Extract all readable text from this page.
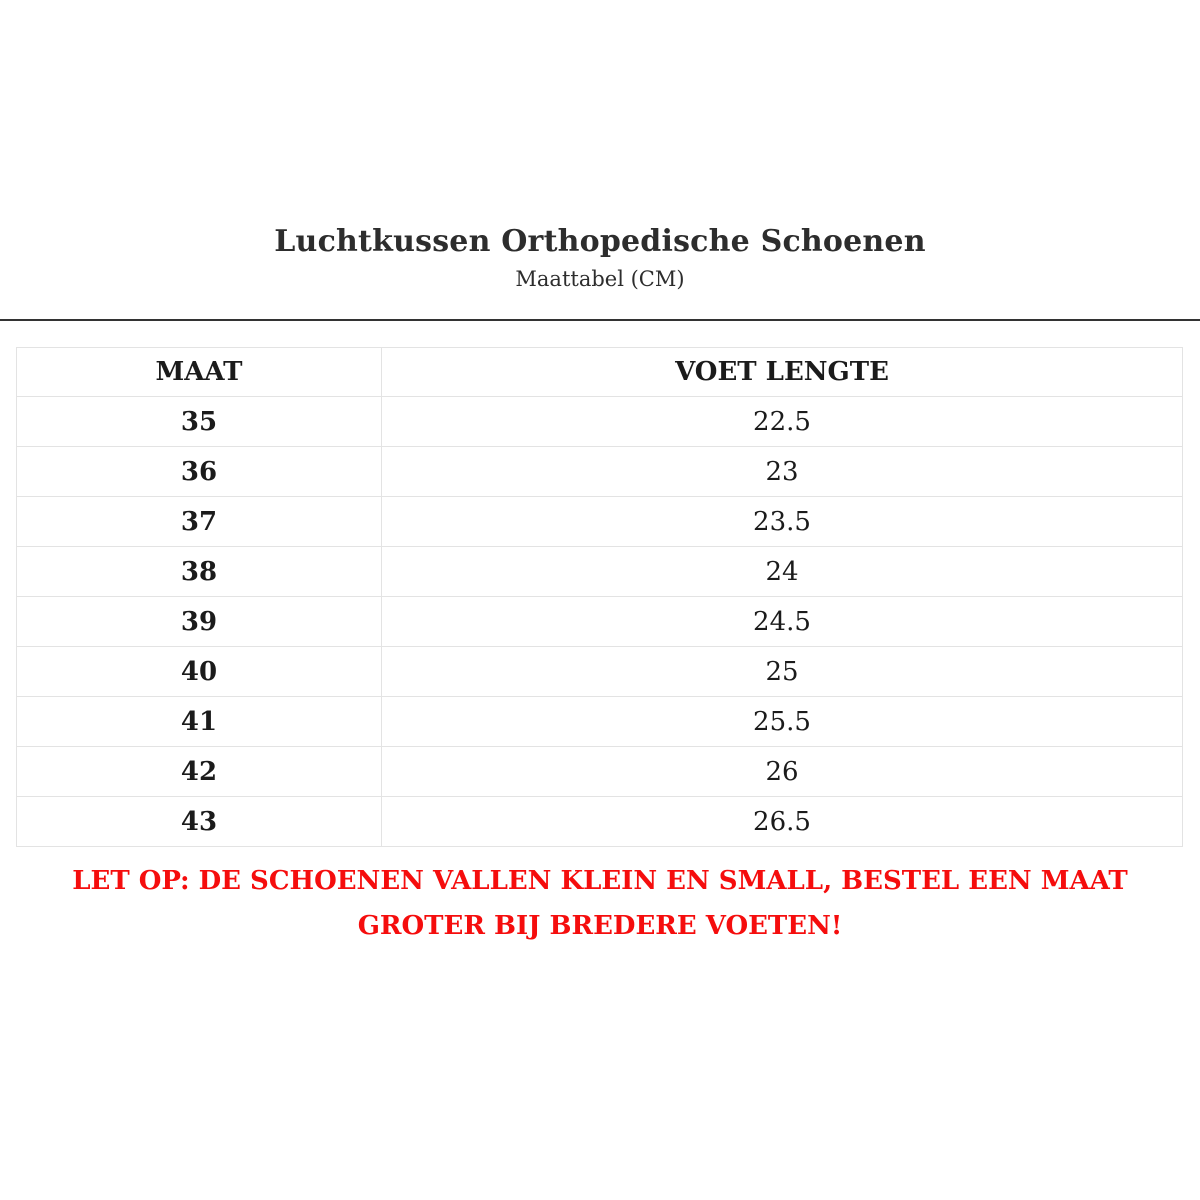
Luchtkussen Orthopedische Schoenen

Maattabel (CM)

MAAT	VOET LENGTE
35	22.5
36	23
37	23.5
38	24
39	24.5
40	25
41	25.5
42	26
43	26.5

LET OP: DE SCHOENEN VALLEN KLEIN EN SMALL, BESTEL EEN MAAT
GROTER BIJ BREDERE VOETEN!
